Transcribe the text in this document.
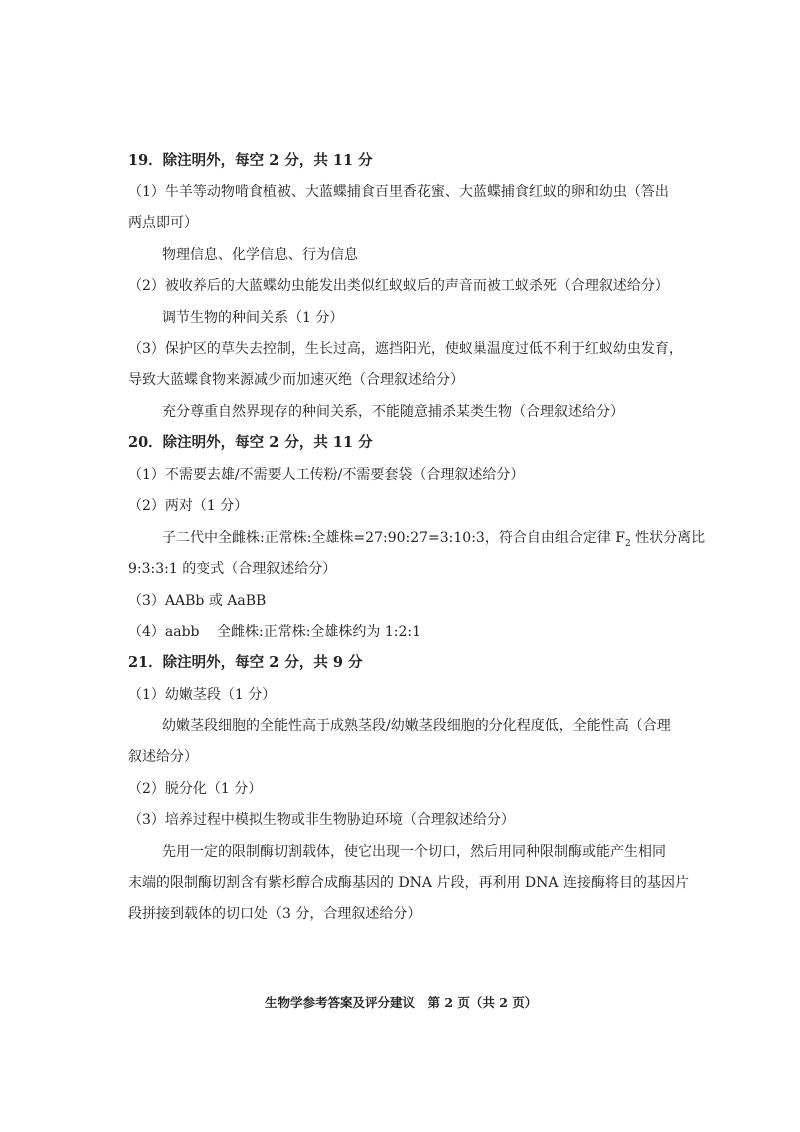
19．除注明外，每空 2 分，共 11 分
（1）牛羊等动物啃食植被、大蓝蝶捕食百里香花蜜、大蓝蝶捕食红蚁的卵和幼虫（答出
两点即可）
物理信息、化学信息、行为信息
（2）被收养后的大蓝蝶幼虫能发出类似红蚁蚁后的声音而被工蚁杀死（合理叙述给分）
调节生物的种间关系（1 分）
（3）保护区的草失去控制，生长过高，遮挡阳光，使蚁巢温度过低不利于红蚁幼虫发育，
导致大蓝蝶食物来源减少而加速灭绝（合理叙述给分）
充分尊重自然界现存的种间关系，不能随意捕杀某类生物（合理叙述给分）
20．除注明外，每空 2 分，共 11 分
（1）不需要去雄/不需要人工传粉/不需要套袋（合理叙述给分）
（2）两对（1 分）
子二代中全雌株:正常株:全雄株=27:90:27=3:10:3，符合自由组合定律 $F_2$ 性状分离比
9:3:3:1 的变式（合理叙述给分）
（3）AABb 或 AaBB
（4）aabb 全雌株:正常株:全雄株约为 1:2:1
21．除注明外，每空 2 分，共 9 分
（1）幼嫩茎段（1 分）
幼嫩茎段细胞的全能性高于成熟茎段/幼嫩茎段细胞的分化程度低，全能性高（合理
叙述给分）
（2）脱分化（1 分）
（3）培养过程中模拟生物或非生物胁迫环境（合理叙述给分）
先用一定的限制酶切割载体，使它出现一个切口，然后用同种限制酶或能产生相同
末端的限制酶切割含有紫杉醇合成酶基因的 DNA 片段，再利用 DNA 连接酶将目的基因片
段拼接到载体的切口处（3 分，合理叙述给分）
生物学参考答案及评分建议　第 2 页（共 2 页）
